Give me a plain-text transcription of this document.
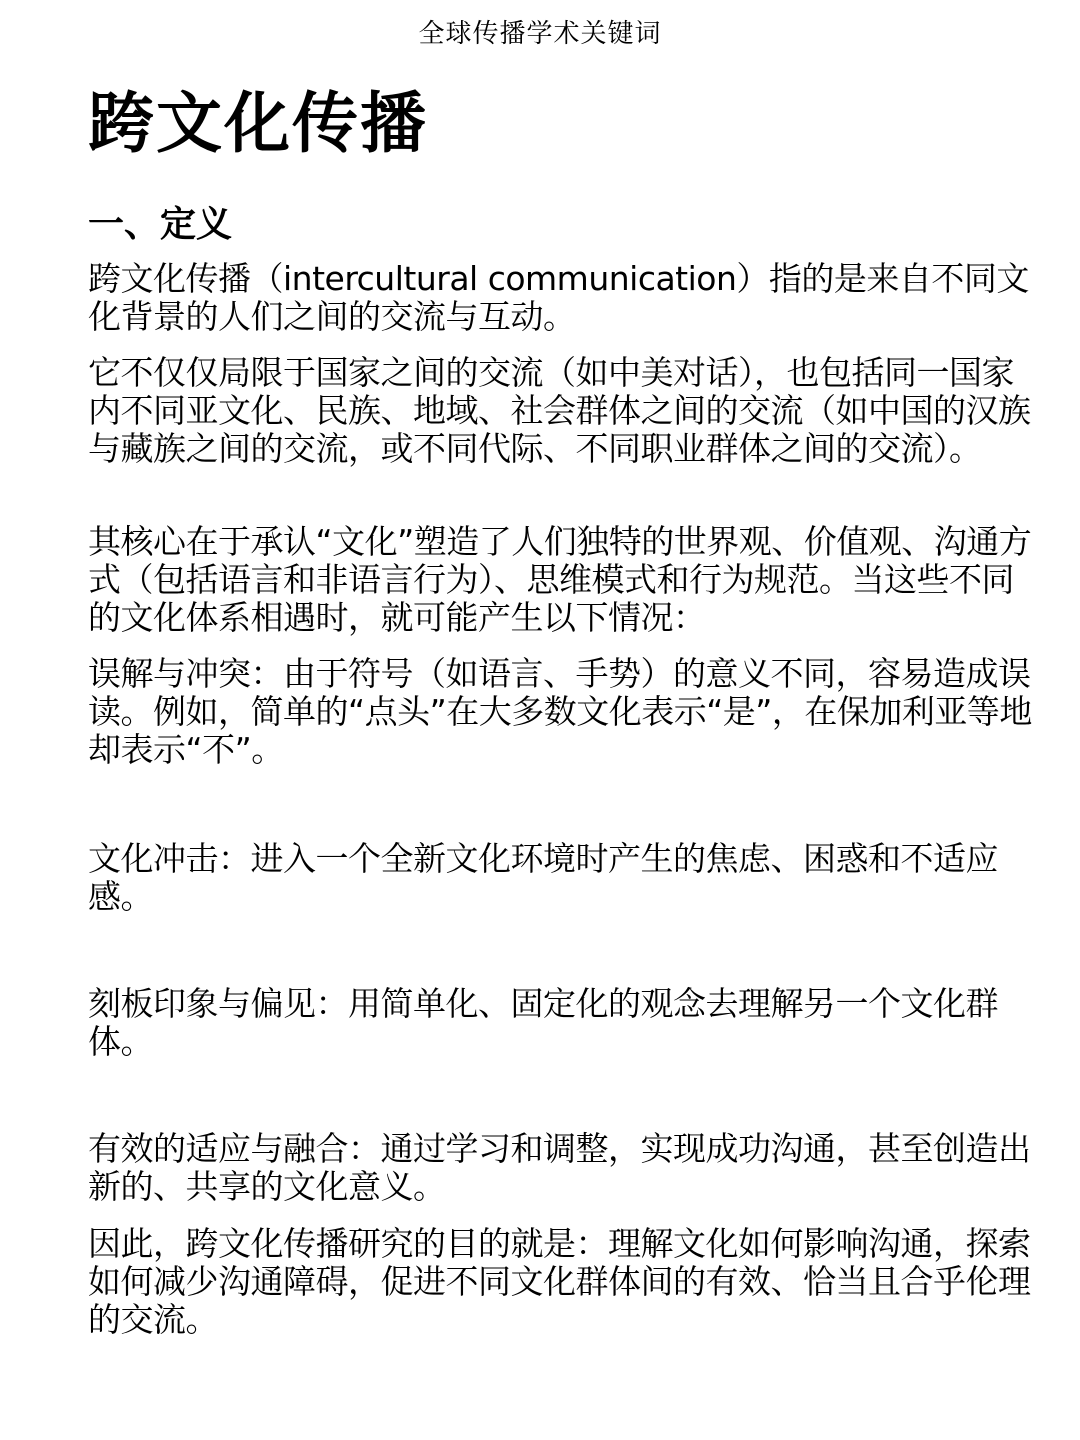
全球传播学术关键词
跨文化传播
一、定义

跨文化传播（intercultural communication）指的是来自不同文化背景的人们之间的交流与互动。

它不仅仅局限于国家之间的交流（如中美对话），也包括同一国家内不同亚文化、民族、地域、社会群体之间的交流（如中国的汉族与藏族之间的交流，或不同代际、不同职业群体之间的交流）。

其核心在于承认“文化”塑造了人们独特的世界观、价值观、沟通方式（包括语言和非语言行为）、思维模式和行为规范。当这些不同的文化体系相遇时，就可能产生以下情况：

误解与冲突：由于符号（如语言、手势）的意义不同，容易造成误读。例如，简单的“点头”在大多数文化表示“是”，在保加利亚等地却表示“不”。

文化冲击：进入一个全新文化环境时产生的焦虑、困惑和不适应感。

刻板印象与偏见：用简单化、固定化的观念去理解另一个文化群体。

有效的适应与融合：通过学习和调整，实现成功沟通，甚至创造出新的、共享的文化意义。

因此，跨文化传播研究的目的就是：理解文化如何影响沟通，探索如何减少沟通障碍，促进不同文化群体间的有效、恰当且合乎伦理的交流。
